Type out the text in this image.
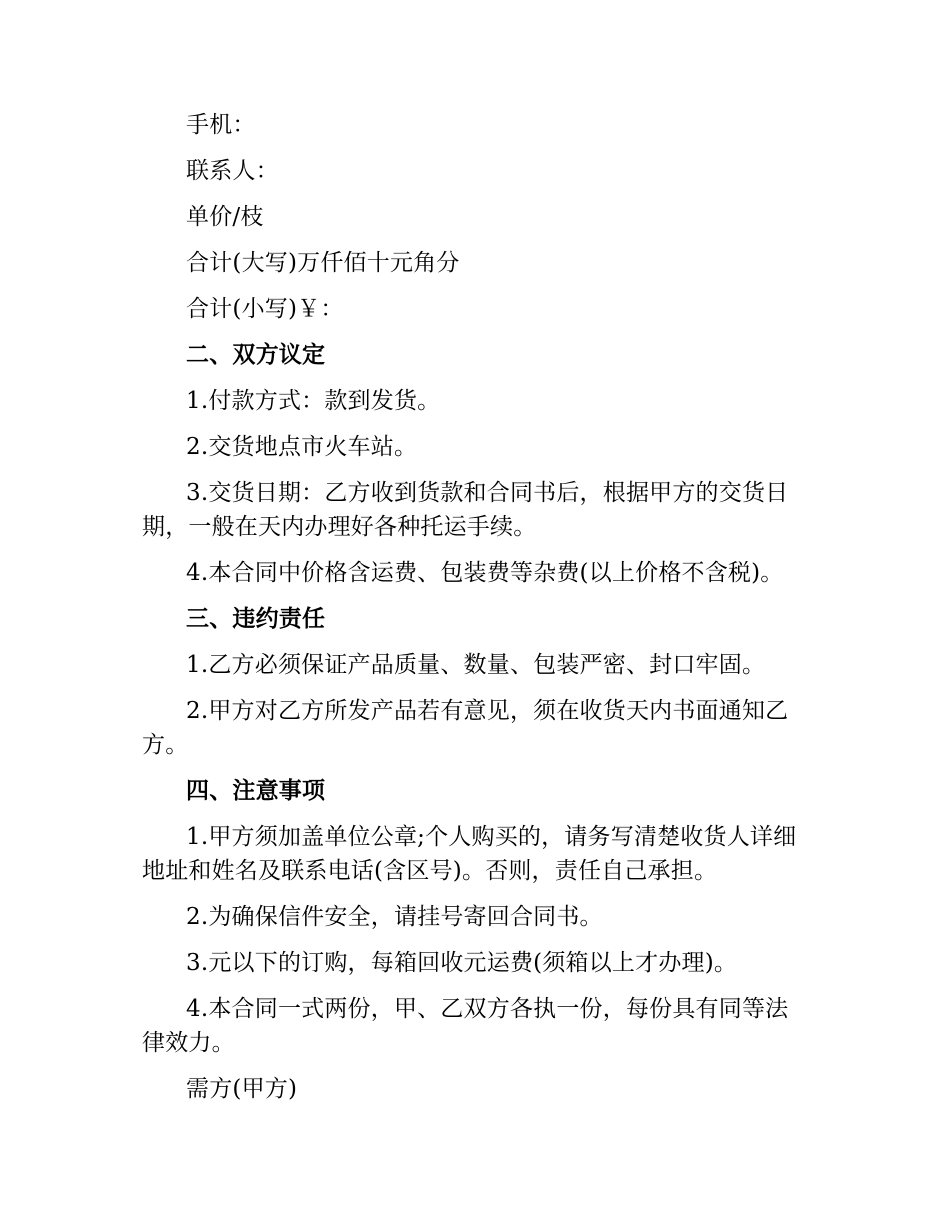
手机：

联系人：

单价/枝

合计(大写)万仟佰十元角分

合计(小写)￥：

二、双方议定

1.付款方式：款到发货。

2.交货地点市火车站。

3.交货日期：乙方收到货款和合同书后，根据甲方的交货日期，一般在天内办理好各种托运手续。

4.本合同中价格含运费、包装费等杂费(以上价格不含税)。

三、违约责任

1.乙方必须保证产品质量、数量、包装严密、封口牢固。

2.甲方对乙方所发产品若有意见，须在收货天内书面通知乙方。

四、注意事项

1.甲方须加盖单位公章;个人购买的，请务写清楚收货人详细地址和姓名及联系电话(含区号)。否则，责任自己承担。

2.为确保信件安全，请挂号寄回合同书。

3.元以下的订购，每箱回收元运费(须箱以上才办理)。

4.本合同一式两份，甲、乙双方各执一份，每份具有同等法律效力。

需方(甲方)
